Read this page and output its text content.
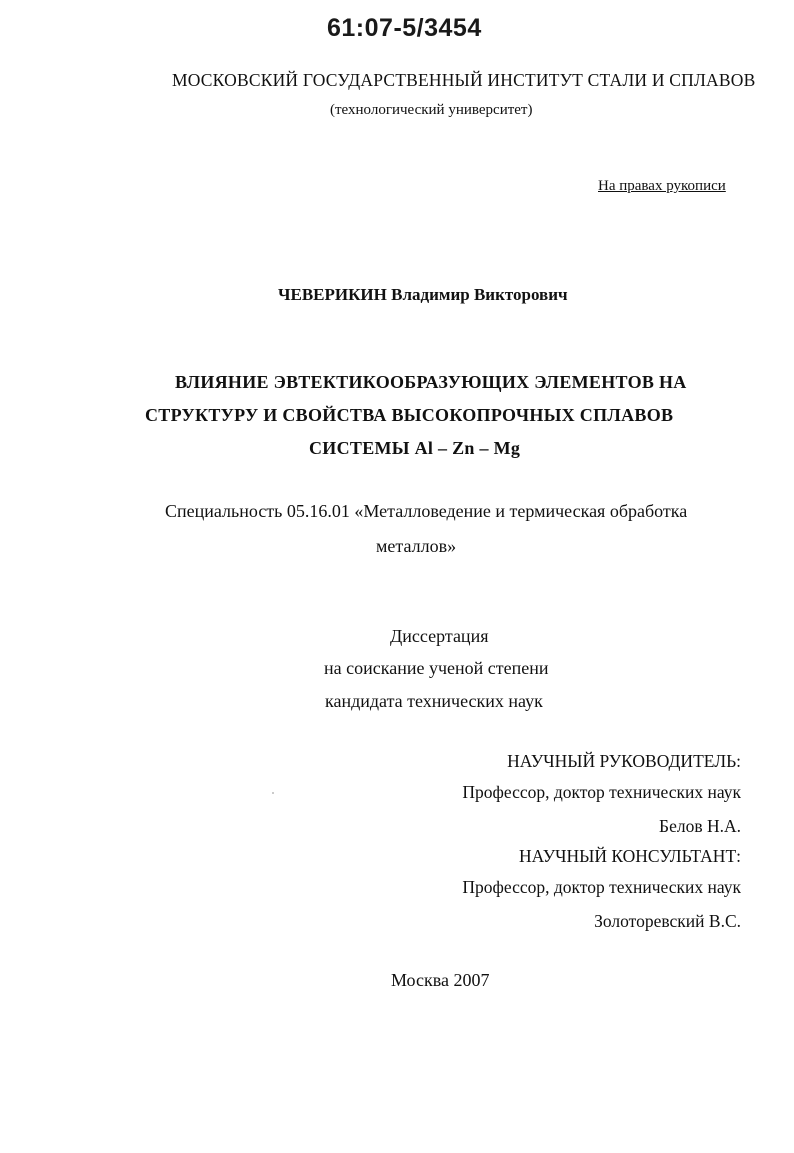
61:07-5/3454
МОСКОВСКИЙ ГОСУДАРСТВЕННЫЙ ИНСТИТУТ СТАЛИ И СПЛАВОВ
(технологический университет)
На правах рукописи
ЧЕВЕРИКИН Владимир Викторович
ВЛИЯНИЕ ЭВТЕКТИКООБРАЗУЮЩИХ ЭЛЕМЕНТОВ НА
СТРУКТУРУ И СВОЙСТВА ВЫСОКОПРОЧНЫХ СПЛАВОВ
СИСТЕМЫ Al – Zn – Mg
Специальность 05.16.01 «Металловедение и термическая обработка
металлов»
Диссертация
на соискание ученой степени
кандидата технических наук
НАУЧНЫЙ РУКОВОДИТЕЛЬ:
Профессор, доктор технических наук
Белов Н.А.
НАУЧНЫЙ КОНСУЛЬТАНТ:
Профессор, доктор технических наук
Золоторевский В.С.
Москва 2007
